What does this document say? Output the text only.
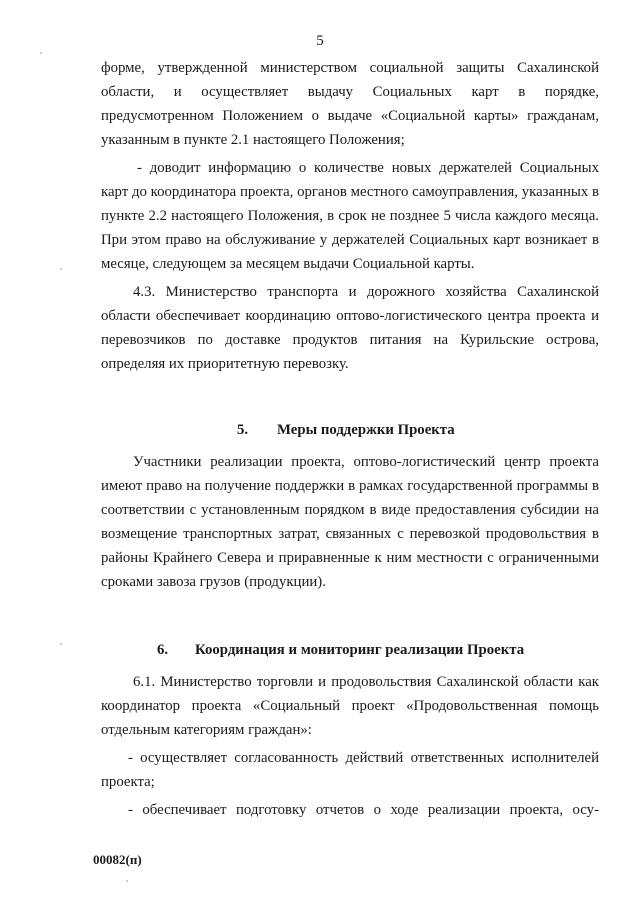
5

форме, утвержденной министерством социальной защиты Сахалинской области, и осуществляет выдачу Социальных карт в порядке, предусмотренном Положением о выдаче «Социальной карты» гражданам, указанным в пункте 2.1 настоящего Положения;

- доводит информацию о количестве новых держателей Социальных карт до координатора проекта, органов местного самоуправления, указанных в пункте 2.2 настоящего Положения, в срок не позднее 5 числа каждого месяца. При этом право на обслуживание у держателей Социальных карт возникает в месяце, следующем за месяцем выдачи Социальной карты.

4.3. Министерство транспорта и дорожного хозяйства Сахалинской области обеспечивает координацию оптово-логистического центра проекта и перевозчиков по доставке продуктов питания на Курильские острова, определяя их приоритетную перевозку.

5. Меры поддержки Проекта

Участники реализации проекта, оптово-логистический центр проекта имеют право на получение поддержки в рамках государственной программы в соответствии с установленным порядком в виде предоставления субсидии на возмещение транспортных затрат, связанных с перевозкой продовольствия в районы Крайнего Севера и приравненные к ним местности с ограниченными сроками завоза грузов (продукции).

6. Координация и мониторинг реализации Проекта

6.1. Министерство торговли и продовольствия Сахалинской области как координатор проекта «Социальный проект «Продовольственная помощь отдельным категориям граждан»:

- осуществляет согласованность действий ответственных исполнителей проекта;

- обеспечивает подготовку отчетов о ходе реализации проекта, осу-

00082(п)
